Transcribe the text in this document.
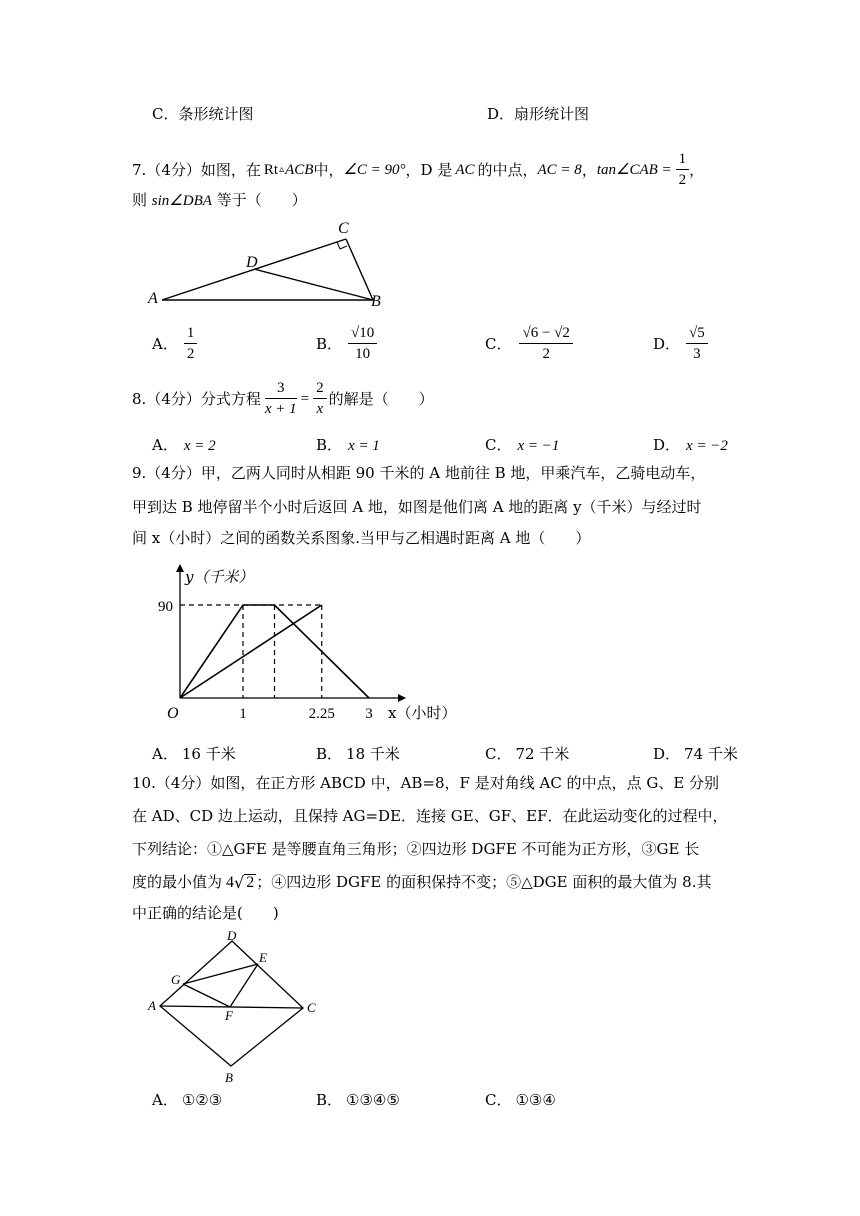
C．条形统计图	D．扇形统计图
7. （4分） 如图，在 Rt ▵ ACB 中， ∠C = 90° ，D 是 AC 的中点， AC = 8 ， tan∠CAB = $\frac{1}{2}$ ，
则 sin∠DBA 等于（　　）
A	B
C
D
A． $\frac{1}{2}$	B． $\frac{√10}{10}$	C． $\frac{√6 - √2}{2}$	D． $\frac{√5}{3}$
8. （4分） 分式方程 $\frac{3}{x + 1} = \frac{2}{x}$ 的解是（　　）
A． x = 2	B． x = 1	C． x = −1	D． x = −2
9.（4分）甲，乙两人同时从相距 90 千米的 A 地前往 B 地，甲乘汽车，乙骑电动车，
甲到达 B 地停留半个小时后返回 A 地，如图是他们离 A 地的距离 y（千米）与经过时
间 x（小时）之间的函数关系图象.当甲与乙相遇时距离 A 地（　　）
y（千米）
x（小时）
O
90
1	2.25 3
A． 16 千米	B． 18 千米	C． 72 千米	D． 74 千米
10.（4分）如图，在正方形 ABCD 中，AB=8，F 是对角线 AC 的中点，点 G、E 分别
在 AD、CD 边上运动，且保持 AG=DE．连接 GE、GF、EF．在此运动变化的过程中，
下列结论：①△GFE 是等腰直角三角形；②四边形 DGFE 不可能为正方形，③GE 长
度的最小值为 4 √ 2 ；④四边形 DGFE 的面积保持不变；⑤△DGE 面积的最大值为 8.其
中正确的结论是(　　)
D
E
G
A	C
F
B
A． ①②③	B． ①③④⑤	C． ①③④
